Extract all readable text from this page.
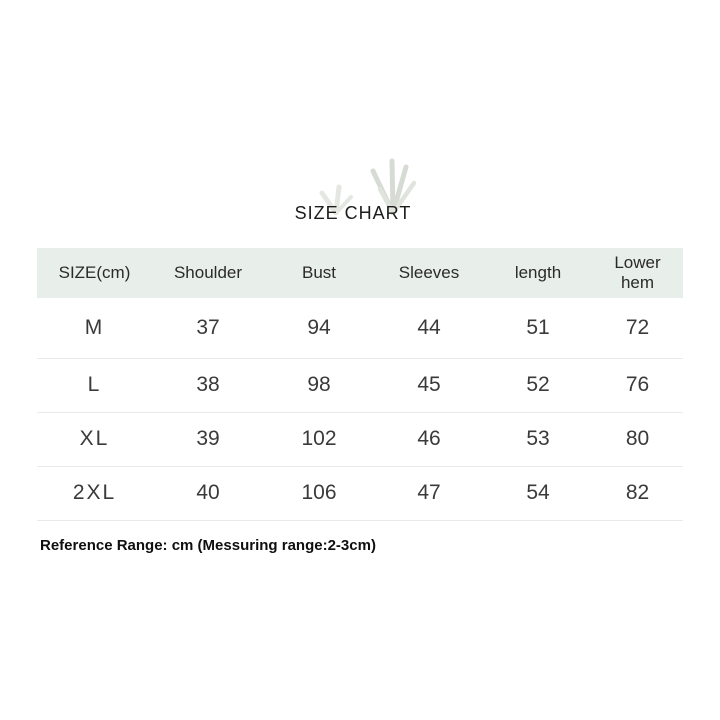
SIZE CHART
SIZE(cm)	Shoulder	Bust	Sleeves	length	Lower hem
M	37	94	44	51	72
L	38	98	45	52	76
XL	39	102	46	53	80
2XL	40	106	47	54	82
Reference Range: cm (Messuring range:2-3cm)
